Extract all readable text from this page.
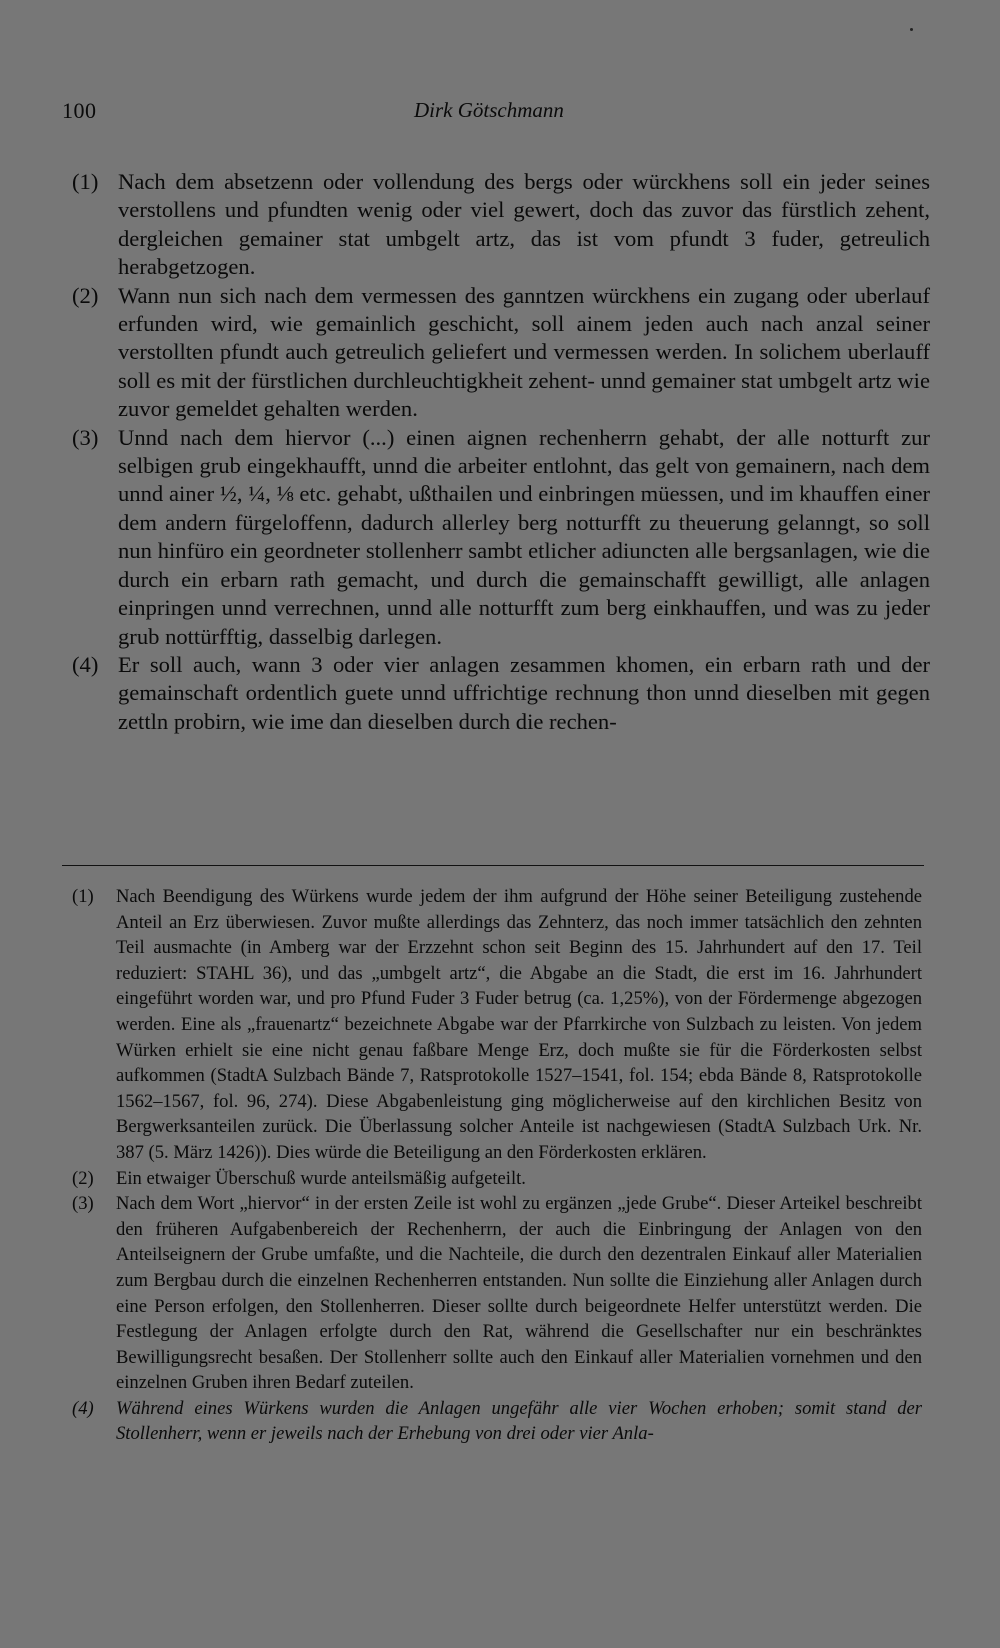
100	Dirk Götschmann
(1) Nach dem absetzenn oder vollendung des bergs oder würckhens soll ein jeder seines verstollens und pfundten wenig oder viel gewert, doch das zuvor das fürstlich zehent, dergleichen gemainer stat umbgelt artz, das ist vom pfundt 3 fuder, getreulich herabgetzogen.
(2) Wann nun sich nach dem vermessen des ganntzen würckhens ein zugang oder uberlauf erfunden wird, wie gemainlich geschicht, soll ainem jeden auch nach anzal seiner verstollten pfundt auch getreulich geliefert und vermessen werden. In solichem uberlauff soll es mit der fürstlichen durchleuchtigkheit zehent- unnd gemainer stat umbgelt artz wie zuvor gemeldet gehalten werden.
(3) Unnd nach dem hiervor (...) einen aignen rechenherrn gehabt, der alle notturft zur selbigen grub eingekhaufft, unnd die arbeiter entlohnt, das gelt von gemainern, nach dem unnd ainer ½, ¼, ⅛ etc. gehabt, ußthailen und einbringen müessen, und im khauffen einer dem andern fürgeloffenn, dadurch allerley berg notturfft zu theuerung gelanngt, so soll nun hinfüro ein geordneter stollenherr sambt etlicher adiuncten alle bergsanlagen, wie die durch ein erbarn rath gemacht, und durch die gemainschafft gewilligt, alle anlagen einpringen unnd verrechnen, unnd alle notturfft zum berg einkhauffen, und was zu jeder grub nottürfftig, dasselbig darlegen.
(4) Er soll auch, wann 3 oder vier anlagen zesammen khomen, ein erbarn rath und der gemainschaft ordentlich guete unnd uffrichtige rechnung thon unnd dieselben mit gegen zettln probirn, wie ime dan dieselben durch die rechen-
(1) Nach Beendigung des Würkens wurde jedem der ihm aufgrund der Höhe seiner Beteiligung zustehende Anteil an Erz überwiesen. Zuvor mußte allerdings das Zehnterz, das noch immer tatsächlich den zehnten Teil ausmachte (in Amberg war der Erzzehnt schon seit Beginn des 15. Jahrhundert auf den 17. Teil reduziert: STAHL 36), und das „umbgelt artz“, die Abgabe an die Stadt, die erst im 16. Jahrhundert eingeführt worden war, und pro Pfund Fuder 3 Fuder betrug (ca. 1,25%), von der Fördermenge abgezogen werden. Eine als „frauenartz“ bezeichnete Abgabe war der Pfarrkirche von Sulzbach zu leisten. Von jedem Würken erhielt sie eine nicht genau faßbare Menge Erz, doch mußte sie für die Förderkosten selbst aufkommen (StadtA Sulzbach Bände 7, Ratsprotokolle 1527–1541, fol. 154; ebda Bände 8, Ratsprotokolle 1562–1567, fol. 96, 274). Diese Abgabenleistung ging möglicherweise auf den kirchlichen Besitz von Bergwerksanteilen zurück. Die Überlassung solcher Anteile ist nachgewiesen (StadtA Sulzbach Urk. Nr. 387 (5. März 1426)). Dies würde die Beteiligung an den Förderkosten erklären.
(2) Ein etwaiger Überschuß wurde anteilsmäßig aufgeteilt.
(3) Nach dem Wort „hiervor“ in der ersten Zeile ist wohl zu ergänzen „jede Grube“. Dieser Arteikel beschreibt den früheren Aufgabenbereich der Rechenherrn, der auch die Einbringung der Anlagen von den Anteilseignern der Grube umfaßte, und die Nachteile, die durch den dezentralen Einkauf aller Materialien zum Bergbau durch die einzelnen Rechenherren entstanden. Nun sollte die Einziehung aller Anlagen durch eine Person erfolgen, den Stollenherren. Dieser sollte durch beigeordnete Helfer unterstützt werden. Die Festlegung der Anlagen erfolgte durch den Rat, während die Gesellschafter nur ein beschränktes Bewilligungsrecht besaßen. Der Stollenherr sollte auch den Einkauf aller Materialien vornehmen und den einzelnen Gruben ihren Bedarf zuteilen.
(4) Während eines Würkens wurden die Anlagen ungefähr alle vier Wochen erhoben; somit stand der Stollenherr, wenn er jeweils nach der Erhebung von drei oder vier Anla-
